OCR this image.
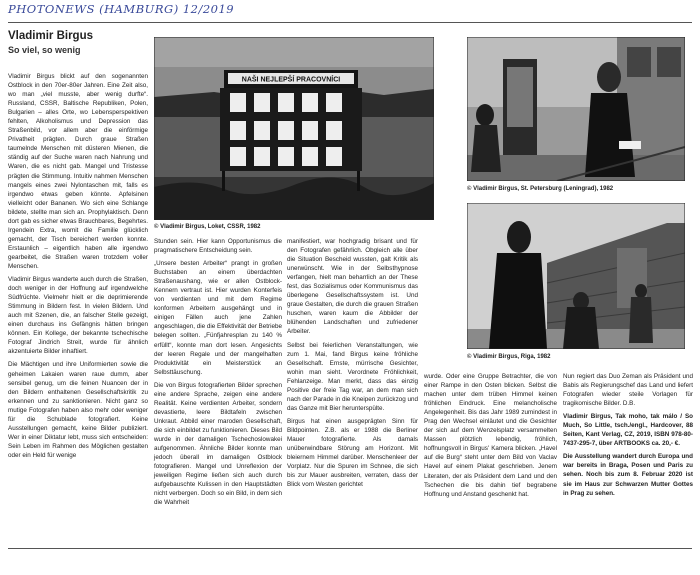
PHOTONEWS (HAMBURG) 12/2019
Vladimir Birgus
So viel, so wenig

Vladimir Birgus blickt auf den sogenannten Ostblock in den 70er-80er Jahren. Eine Zeit also, wo man „viel musste, aber wenig durfte“. Russland, CSSR, Baltische Republiken, Polen, Bulgarien – alles Orte, wo Lebensperspektiven fehlten, Alkoholismus und Depression das Straßenbild, vor allem aber die einförmige Privatheit prägten. Durch graue Straßen taumelnde Menschen mit düsteren Mienen, die ständig auf der Suche waren nach Nahrung und Waren, die es nicht gab. Mangel und Tristesse prägten die Stimmung. Intuitiv nahmen Menschen mangels eines zwei Nylontaschen mit, falls es irgendwo etwas geben könnte. Apfelsinen vielleicht oder Bananen. Wo sich eine Schlange bildete, stellte man sich an. Prophylaktisch. Denn dort gab es sicher etwas Brauchbares, Begehrtes. Irgendein Extra, womit die Familie glücklich gemacht, der Tisch bereichert werden konnte. Erstaunlich – eigentlich haben alle irgendwo gearbeitet, die Straßen waren trotzdem voller Menschen.

Vladimir Birgus wanderte auch durch die Straßen, doch weniger in der Hoffnung auf irgendwelche Südfrüchte. Vielmehr hielt er die deprimierende Stimmung in Bildern fest. In vielen Bildern. Und auch mit Szenen, die, an falscher Stelle gezeigt, einen durchaus ins Gefängnis hätten bringen können. Ein Kollege, der bekannte tschechische Fotograf Jindrich Streit, wurde für ähnlich akzentuierte Bilder inhaftiert.

Die Mächtigen und ihre Uniformierten sowie die geheimen Lakaien waren raue dumm, aber sensibel genug, um die feinen Nuancen der in den Bildern enthaltenen Gesellschaftskritik zu erkennen und zu sanktionieren. Nicht ganz so mutige Fotografen haben also mehr oder weniger für die Schublade fotografiert. Keine Ausstellungen gemacht, keine Bilder publiziert. Wer in einer Diktatur lebt, muss sich entscheiden: Sein Leben im Rahmen des Möglichen gestalten oder ein Held für wenige

NAŠI NEJLEPŠÍ PRACOVNÍCI
© Vladimir Birgus, Loket, CSSR, 1982

Stunden sein. Hier kann Opportunismus die pragmatischere Entscheidung sein.

„Unsere besten Arbeiter“ prangt in großen Buchstaben an einem überdachten Straßenaushang, wie er allen Ostblock-Kennern vertraut ist. Hier wurden Konterfeis von verdienten und mit dem Regime konformen Arbeitern ausgehängt und in einigen Fällen auch jene Zahlen angeschlagen, die die Effektivität der Betriebe belegen sollten. „Fünfjahresplan zu 140 % erfüllt“, konnte man dort lesen. Angesichts der leeren Regale und der mangelhaften Produktivität ein Meisterstück an Selbsttäuschung.

Die von Birgus fotografierten Bilder sprechen eine andere Sprache, zeigen eine andere Realität. Keine verdienten Arbeiter, sondern devastierte, leere Bildtafeln zwischen Unkraut. Abbild einer maroden Gesellschaft, die sich einbildet zu funktionieren. Dieses Bild wurde in der damaligen Tschechoslowakei aufgenommen. Ähnliche Bilder konnte man jedoch überall im damaligen Ostblock fotografieren. Mangel und Unreflexion der jeweiligen Regime ließen sich auch durch aufgebauschte Kulissen in den Hauptstädten nicht verbergen. Doch so ein Bild, in dem sich die Wahrheit

manifestiert, war hochgradig brisant und für den Fotografen gefährlich. Obgleich alle über die Situation Bescheid wussten, galt Kritik als unerwünscht. Wie in der Selbsthypnose verfangen, hielt man beharrlich an der These fest, das Sozialismus oder Kommunismus das überlegene Gesellschaftssystem ist. Und graue Gestalten, die durch die grauen Straßen huschen, waren kaum die Abbilder der blühenden Landschaften und zufriedener Arbeiter.

Selbst bei feierlichen Veranstaltungen, wie zum 1. Mai, fand Birgus keine fröhliche Gesellschaft. Ernste, mürrische Gesichter, wohin man sieht. Verordnete Fröhlichkeit, Fehlanzeige. Man merkt, dass das einzig Positive der freie Tag war, an dem man sich nach der Parade in die Kneipen zurückzog und das Ganze mit Bier herunterspülte.

Birgus hat einen ausgeprägten Sinn für Bildpointen. Z.B. als er 1988 die Berliner Mauer fotografierte. Als damals unüberwindbare Störung am Horizont. Mit bleiernem Himmel darüber. Menschenleer der Vorplatz. Nur die Spuren im Schnee, die sich bis zur Mauer ausbreiten, verraten, dass der Blick vom Westen gerichtet

© Vladimir Birgus, St. Petersburg (Leningrad), 1982
© Vladimir Birgus, Riga, 1982

wurde. Oder eine Gruppe Betrachter, die von einer Rampe in den Osten blicken. Selbst die machen unter dem trüben Himmel keinen fröhlichen Eindruck. Eine melancholische Angelegenheit. Bis das Jahr 1989 zumindest in Prag den Wechsel einläutet und die Gesichter der sich auf dem Wenzelsplatz versammelten Massen plötzlich lebendig, fröhlich, hoffnungsvoll in Birgus' Kamera blicken. „Havel auf die Burg“ steht unter dem Bild von Vaclav Havel auf einem Plakat geschrieben. Jenem Literaten, der als Präsident dem Land und den Tschechen die bis dahin tief begrabene Hoffnung und Anstand geschenkt hat.

Nun regiert das Duo Zeman als Präsident und Babis als Regierungschef das Land und liefert Fotografen wieder steile Vorlagen für tragikomische Bilder. D.B.

Vladimir Birgus, Tak moho, tak málo / So Much, So Little, tsch./engl., Hardcover, 88 Seiten, Kant Verlag, CZ, 2019, ISBN 978-80-7437-295-7, über ARTBOOKS ca. 20,- €.

Die Ausstellung wandert durch Europa und war bereits in Braga, Posen und Paris zu sehen. Noch bis zum 8. Februar 2020 ist sie im Haus zur Schwarzen Mutter Gottes in Prag zu sehen.
